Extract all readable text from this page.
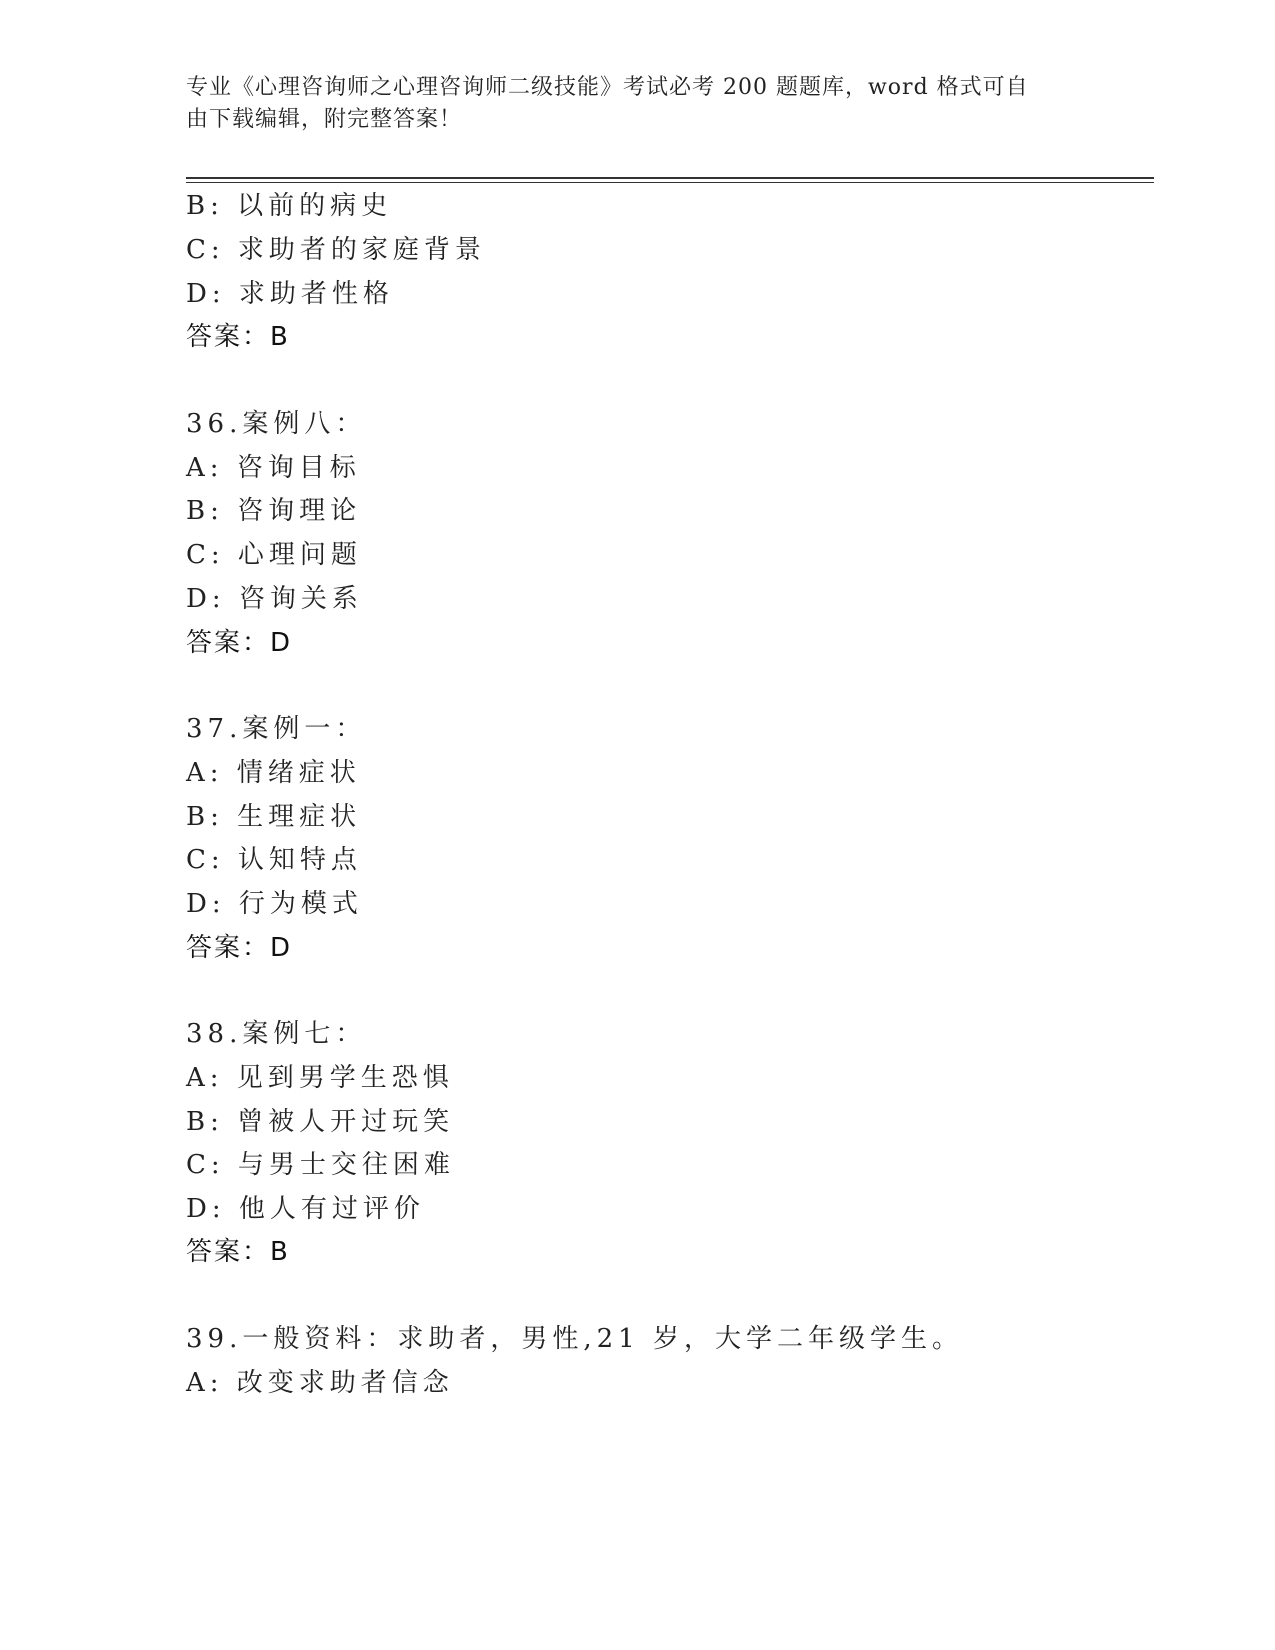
专业《心理咨询师之心理咨询师二级技能》考试必考 200 题题库，word 格式可自
由下载编辑，附完整答案！
B: 以前的病史
C: 求助者的家庭背景
D: 求助者性格
答案：B
36.案例八：
A: 咨询目标
B: 咨询理论
C: 心理问题
D: 咨询关系
答案：D
37.案例一：
A: 情绪症状
B: 生理症状
C: 认知特点
D: 行为模式
答案：D
38.案例七：
A: 见到男学生恐惧
B: 曾被人开过玩笑
C: 与男士交往困难
D: 他人有过评价
答案：B
39.一般资料：求助者，男性,21 岁，大学二年级学生。
A: 改变求助者信念
